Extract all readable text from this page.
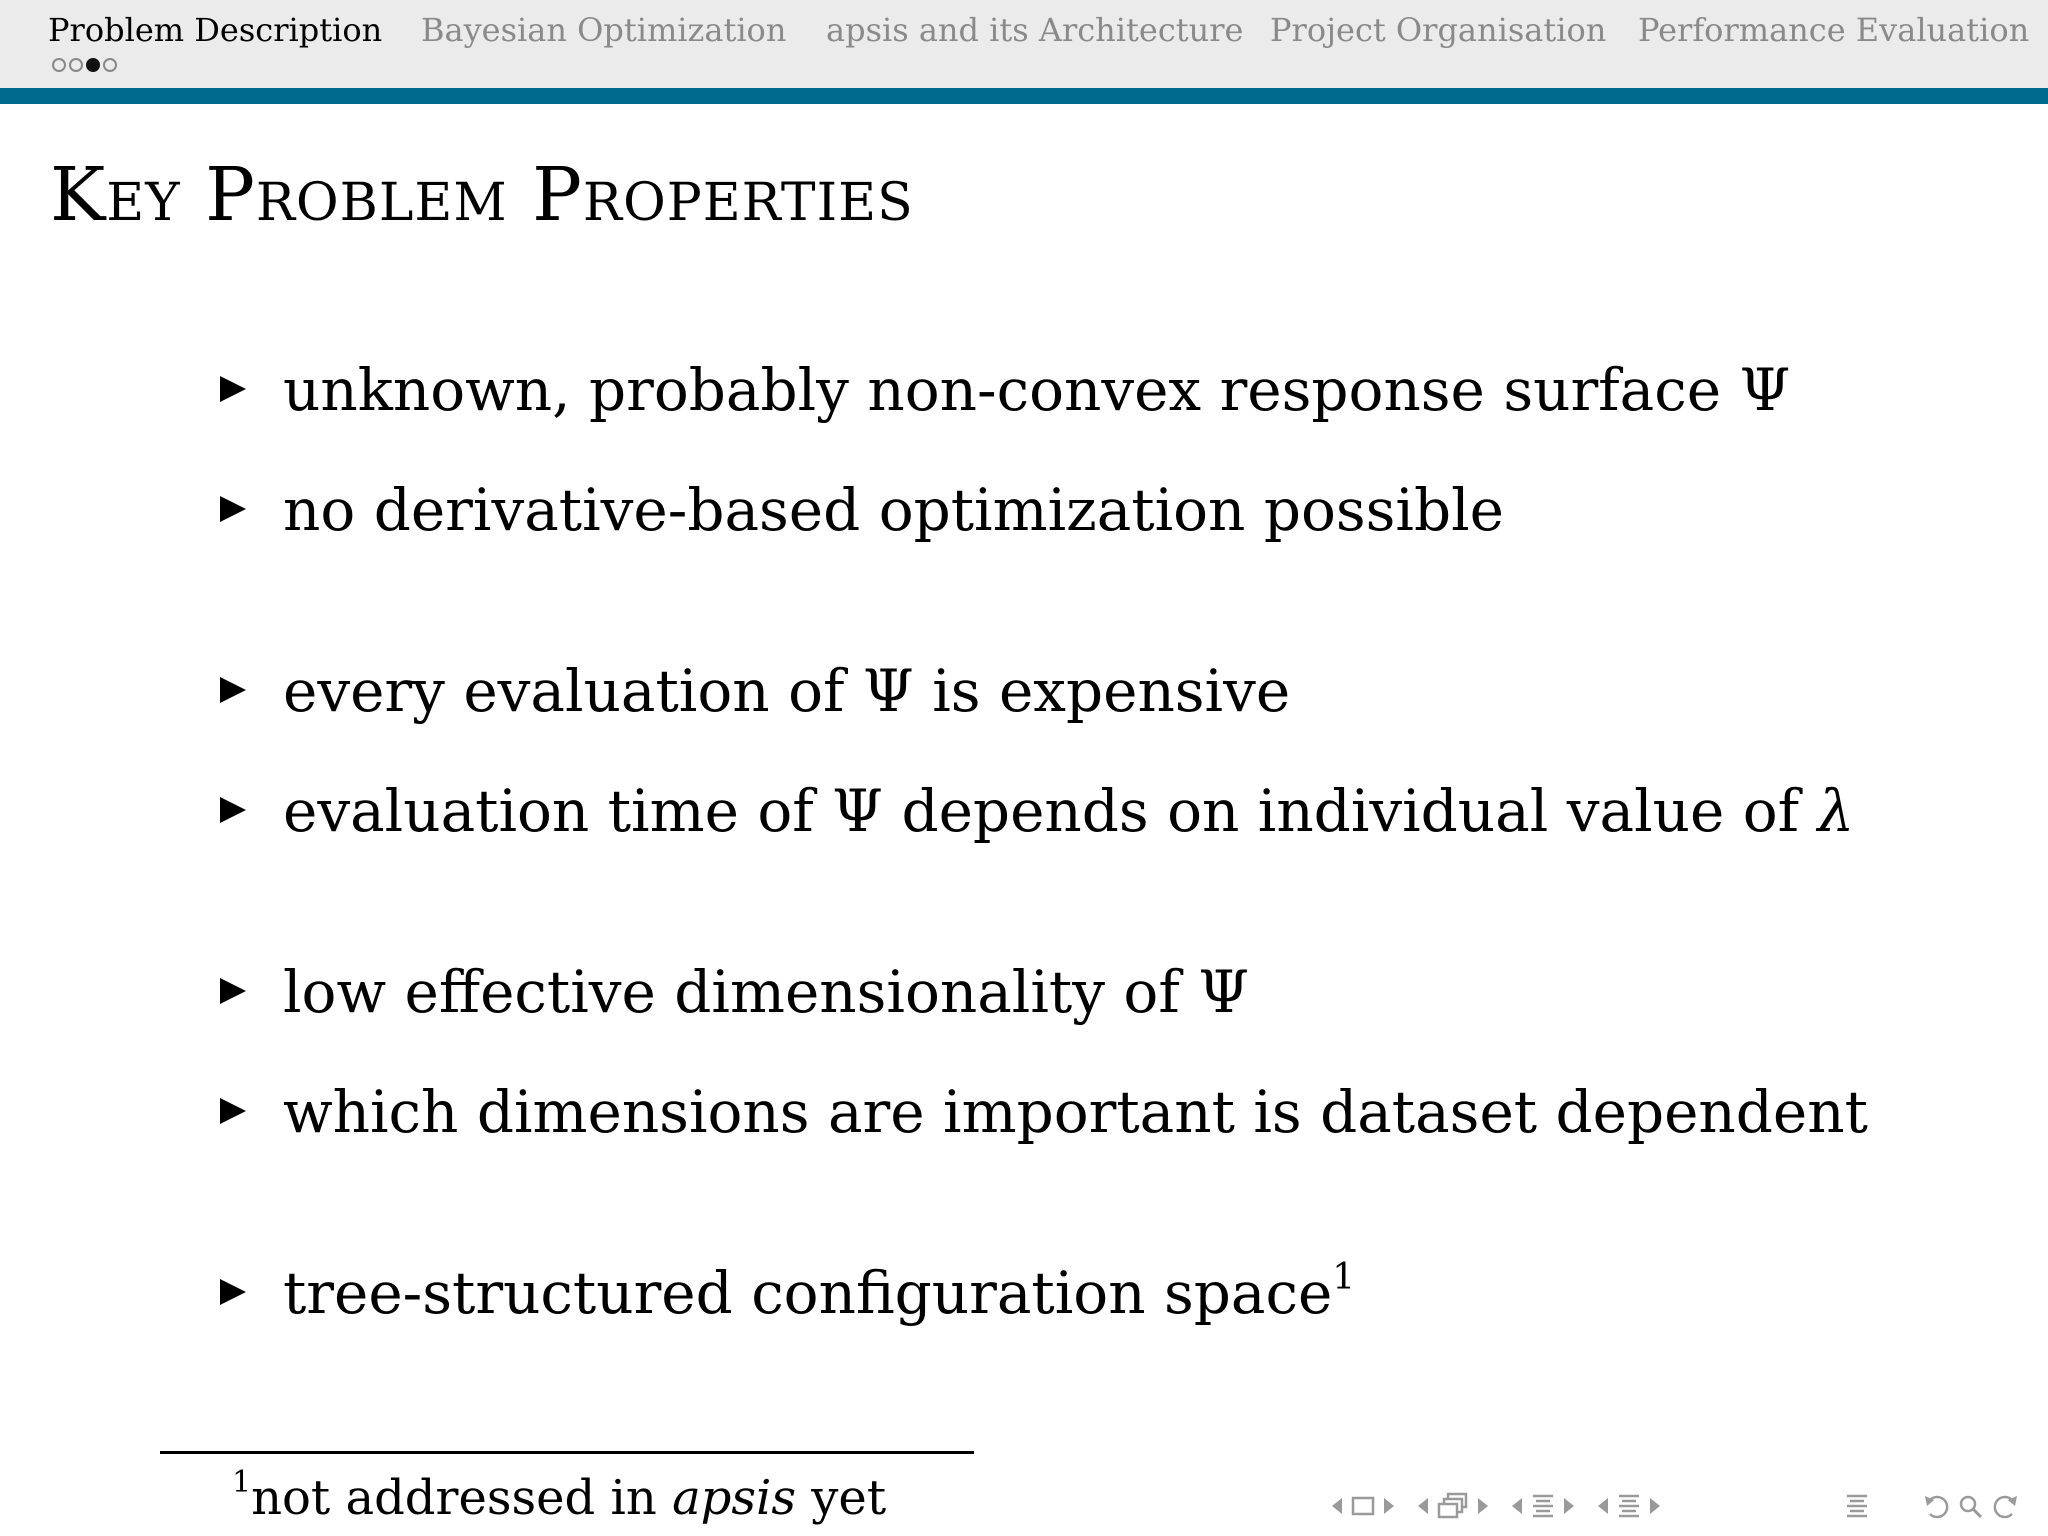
Problem Description Bayesian Optimization apsis and its Architecture Project Organisation Performance Evaluation
Key Problem Properties
unknown, probably non-convex response surface Ψ
no derivative-based optimization possible
every evaluation of Ψ is expensive
evaluation time of Ψ depends on individual value of λ
low effective dimensionality of Ψ
which dimensions are important is dataset dependent
tree-structured configuration space$^1$
$^1$not addressed in apsis yet
